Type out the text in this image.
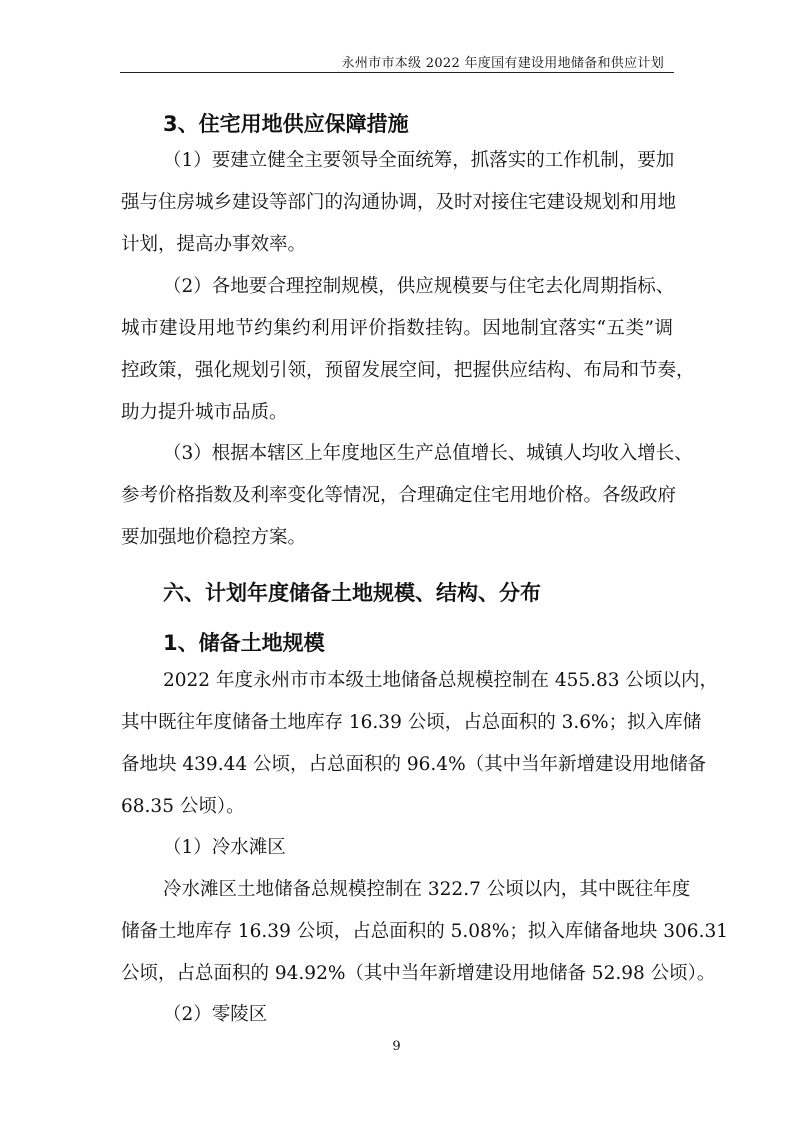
永州市市本级 2022 年度国有建设用地储备和供应计划
3、住宅用地供应保障措施
（1）要建立健全主要领导全面统筹，抓落实的工作机制，要加
强与住房城乡建设等部门的沟通协调，及时对接住宅建设规划和用地
计划，提高办事效率。
（2）各地要合理控制规模，供应规模要与住宅去化周期指标、
城市建设用地节约集约利用评价指数挂钩。因地制宜落实“五类”调
控政策，强化规划引领，预留发展空间，把握供应结构、布局和节奏，
助力提升城市品质。
（3）根据本辖区上年度地区生产总值增长、城镇人均收入增长、
参考价格指数及利率变化等情况，合理确定住宅用地价格。各级政府
要加强地价稳控方案。
六、计划年度储备土地规模、结构、分布
1、储备土地规模
2022 年度永州市市本级土地储备总规模控制在 455.83 公顷以内，
其中既往年度储备土地库存 16.39 公顷，占总面积的 3.6%；拟入库储
备地块 439.44 公顷，占总面积的 96.4%（其中当年新增建设用地储备
68.35 公顷）。
（1）冷水滩区
冷水滩区土地储备总规模控制在 322.7 公顷以内，其中既往年度
储备土地库存 16.39 公顷，占总面积的 5.08%；拟入库储备地块 306.31
公顷，占总面积的 94.92%（其中当年新增建设用地储备 52.98 公顷）。
（2）零陵区
9
